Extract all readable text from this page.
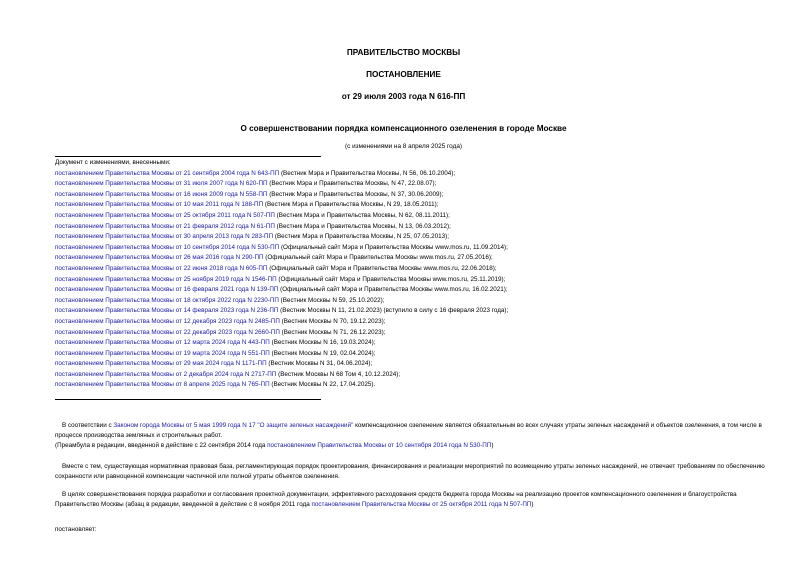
ПРАВИТЕЛЬСТВО МОСКВЫ
ПОСТАНОВЛЕНИЕ
от 29 июля 2003 года N 616-ПП
О совершенствовании порядка компенсационного озеленения в городе Москве
(с изменениями на 8 апреля 2025 года)
Документ с изменениями, внесенными:
постановлением Правительства Москвы от 21 сентября 2004 года N 643-ПП (Вестник Мэра и Правительства Москвы, N 56, 06.10.2004);
постановлением Правительства Москвы от 31 июля 2007 года N 620-ПП (Вестник Мэра и Правительства Москвы, N 47, 22.08.07);
постановлением Правительства Москвы от 16 июня 2009 года N 558-ПП (Вестник Мэра и Правительства Москвы, N 37, 30.06.2009);
постановлением Правительства Москвы от 10 мая 2011 года N 188-ПП (Вестник Мэра и Правительства Москвы, N 29, 18.05.2011);
постановлением Правительства Москвы от 25 октября 2011 года N 507-ПП (Вестник Мэра и Правительства Москвы, N 62, 08.11.2011);
постановлением Правительства Москвы от 21 февраля 2012 года N 61-ПП (Вестник Мэра и Правительства Москвы, N 13, 06.03.2012);
постановлением Правительства Москвы от 30 апреля 2013 года N 283-ПП (Вестник Мэра и Правительства Москвы, N 25, 07.05.2013);
постановлением Правительства Москвы от 10 сентября 2014 года N 530-ПП (Официальный сайт Мэра и Правительства Москвы www.mos.ru, 11.09.2014);
постановлением Правительства Москвы от 26 мая 2016 года N 290-ПП (Официальный сайт Мэра и Правительства Москвы www.mos.ru, 27.05.2016);
постановлением Правительства Москвы от 22 июня 2018 года N 605-ПП (Официальный сайт Мэра и Правительства Москвы www.mos.ru, 22.06.2018);
постановлением Правительства Москвы от 25 ноября 2019 года N 1546-ПП (Официальный сайт Мэра и Правительства Москвы www.mos.ru, 25.11.2019);
постановлением Правительства Москвы от 16 февраля 2021 года N 139-ПП (Официальный сайт Мэра и Правительства Москвы www.mos.ru, 16.02.2021);
постановлением Правительства Москвы от 18 октября 2022 года N 2230-ПП (Вестник Москвы N 59, 25.10.2022);
постановлением Правительства Москвы от 14 февраля 2023 года N 236-ПП (Вестник Москвы N 11, 21.02.2023) (вступило в силу с 16 февраля 2023 года);
постановлением Правительства Москвы от 12 декабря 2023 года N 2485-ПП (Вестник Москвы N 70, 19.12.2023);
постановлением Правительства Москвы от 22 декабря 2023 года N 2660-ПП (Вестник Москвы N 71, 26.12.2023);
постановлением Правительства Москвы от 12 марта 2024 года N 443-ПП (Вестник Москвы N 16, 19.03.2024);
постановлением Правительства Москвы от 19 марта 2024 года N 551-ПП (Вестник Москвы N 19, 02.04.2024);
постановлением Правительства Москвы от 29 мая 2024 года N 1171-ПП (Вестник Москвы N 31, 04.06.2024);
постановлением Правительства Москвы от 2 декабря 2024 года N 2717-ПП (Вестник Москвы N 68 Том 4, 10.12.2024);
постановлением Правительства Москвы от 8 апреля 2025 года N 765-ПП (Вестник Москвы N 22, 17.04.2025).
В соответствии с Законом города Москвы от 5 мая 1999 года N 17 "О защите зеленых насаждений" компенсационное озеленение является обязательным во всех случаях утраты зеленых насаждений и объектов озеленения, в том числе в процессе производства земляных и строительных работ.
(Преамбула в редакции, введенной в действие с 22 сентября 2014 года постановлением Правительства Москвы от 10 сентября 2014 года N 530-ПП)
Вместе с тем, существующая нормативная правовая база, регламентирующая порядок проектирования, финансирования и реализации мероприятий по возмещению утраты зеленых насаждений, не отвечает требованиям по обеспечению сохранности или равноценной компенсации частичной или полной утраты объектов озеленения.
В целях совершенствования порядка разработки и согласования проектной документации, эффективного расходования средств бюджета города Москвы на реализацию проектов компенсационного озеленения и благоустройства Правительство Москвы (абзац в редакции, введенной в действие с 8 ноября 2011 года постановлением Правительства Москвы от 25 октября 2011 года N 507-ПП)
постановляет:
